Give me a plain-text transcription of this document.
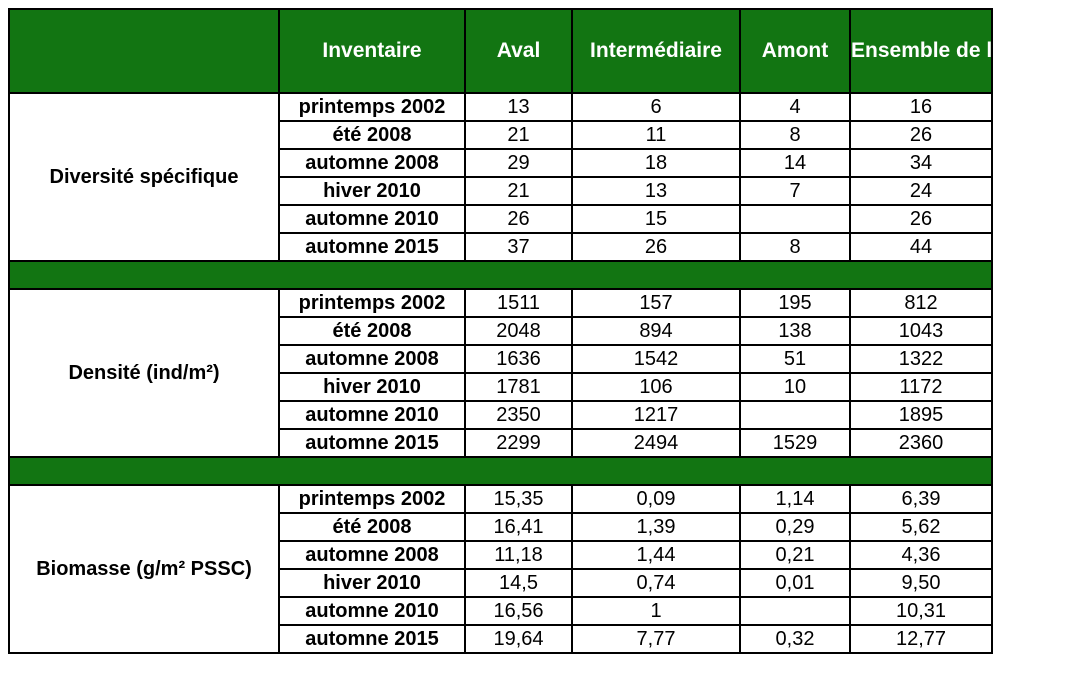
	Inventaire	Aval	Intermédiaire	Amont	Ensemble de l’estuaire
Diversité spécifique	printemps 2002	13	6	4	16
	été 2008	21	11	8	26
	automne 2008	29	18	14	34
	hiver 2010	21	13	7	24
	automne 2010	26	15		26
	automne 2015	37	26	8	44

Densité (ind/m²)	printemps 2002	1511	157	195	812
	été 2008	2048	894	138	1043
	automne 2008	1636	1542	51	1322
	hiver 2010	1781	106	10	1172
	automne 2010	2350	1217		1895
	automne 2015	2299	2494	1529	2360

Biomasse (g/m² PSSC)	printemps 2002	15,35	0,09	1,14	6,39
	été 2008	16,41	1,39	0,29	5,62
	automne 2008	11,18	1,44	0,21	4,36
	hiver 2010	14,5	0,74	0,01	9,50
	automne 2010	16,56	1		10,31
	automne 2015	19,64	7,77	0,32	12,77
